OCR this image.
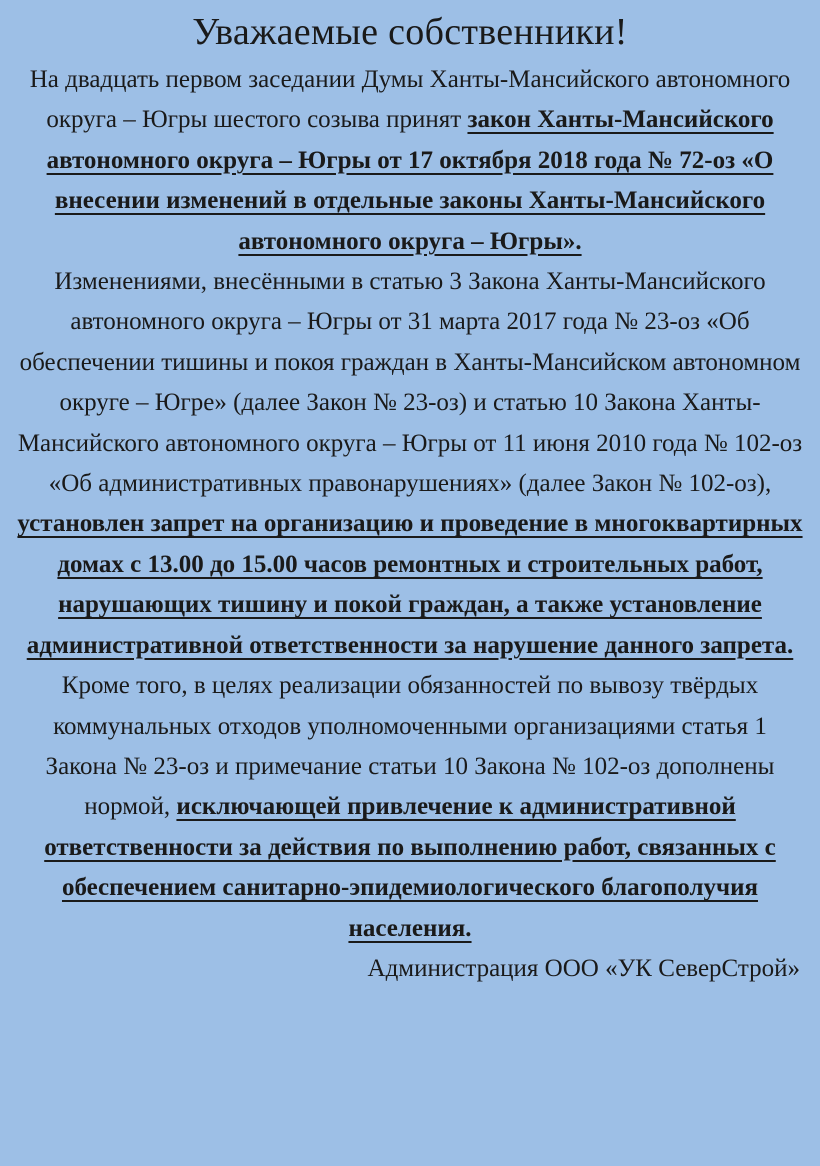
Уважаемые собственники!

На двадцать первом заседании Думы Ханты-Мансийского автономного округа – Югры шестого созыва принят закон Ханты-Мансийского автономного округа – Югры от 17 октября 2018 года № 72-оз «О внесении изменений в отдельные законы Ханты-Мансийского автономного округа – Югры».

Изменениями, внесёнными в статью 3 Закона Ханты-Мансийского автономного округа – Югры от 31 марта 2017 года № 23-оз «Об обеспечении тишины и покоя граждан в Ханты-Мансийском автономном округе – Югре» (далее Закон № 23-оз) и статью 10 Закона Ханты-Мансийского автономного округа – Югры от 11 июня 2010 года № 102-оз «Об административных правонарушениях» (далее Закон № 102-оз), установлен запрет на организацию и проведение в многоквартирных домах с 13.00 до 15.00 часов ремонтных и строительных работ, нарушающих тишину и покой граждан, а также установление административной ответственности за нарушение данного запрета.

Кроме того, в целях реализации обязанностей по вывозу твёрдых коммунальных отходов уполномоченными организациями статья 1 Закона № 23-оз и примечание статьи 10 Закона № 102-оз дополнены нормой, исключающей привлечение к административной ответственности за действия по выполнению работ, связанных с обеспечением санитарно-эпидемиологического благополучия населения.

Администрация ООО «УК СеверСтрой»
